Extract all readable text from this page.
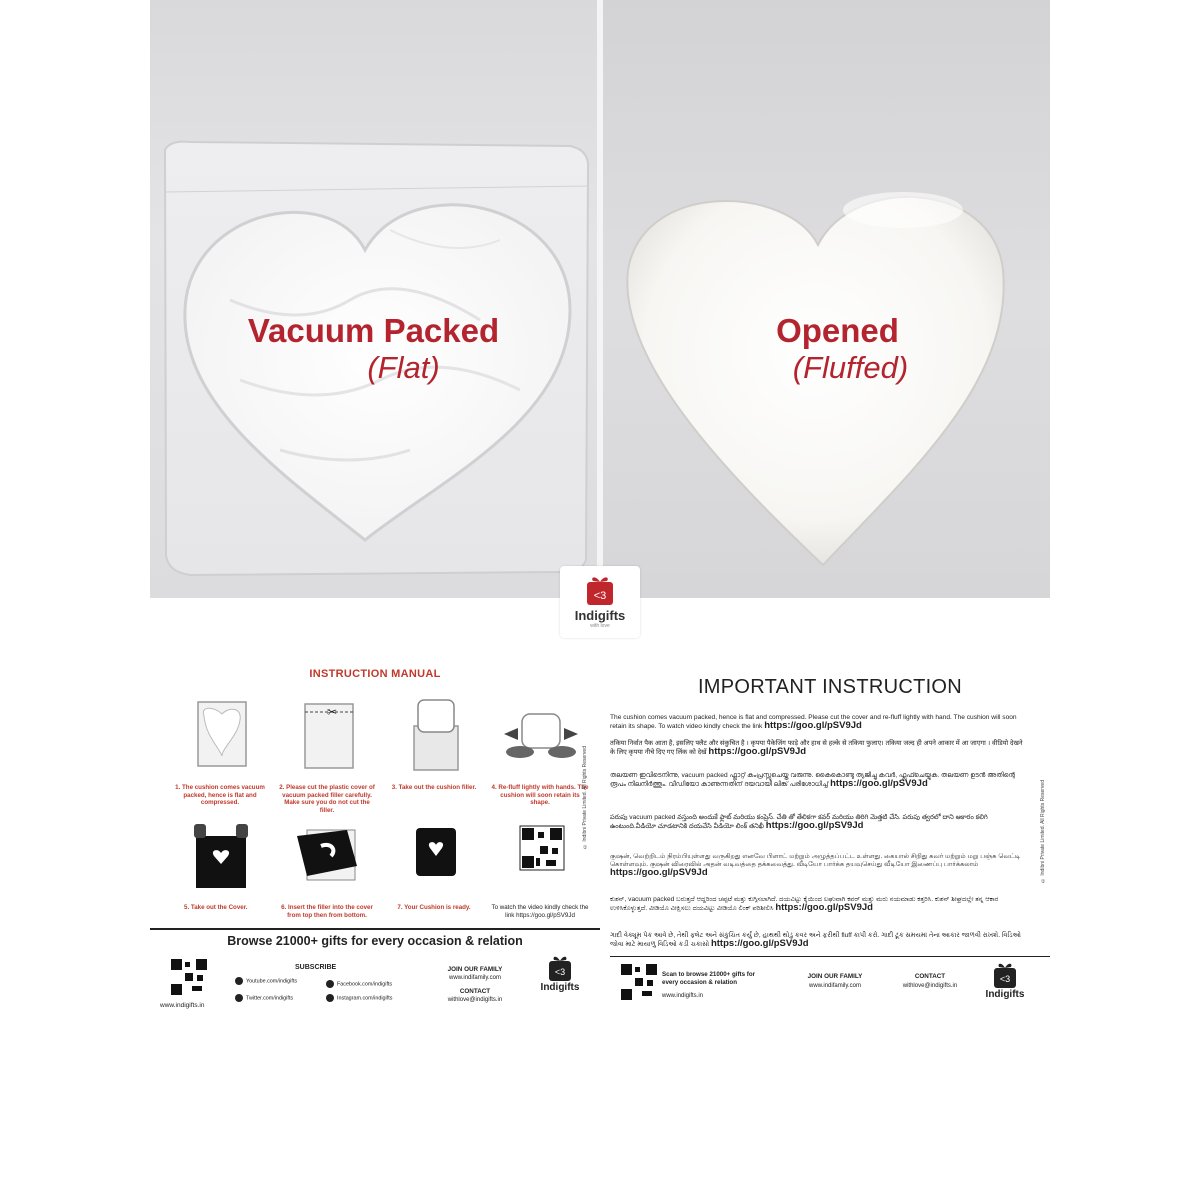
Vacuum Packed
(Flat)
Opened
(Fluffed)
<3
Indigifts
with love
INSTRUCTION MANUAL
1. The cushion comes vacuum packed, hence is flat and compressed.
✂
2. Please cut the plastic cover of vacuum packed filler carefully. Make sure you do not cut the filler.
3. Take out the cushion filler.	4. Re-fluff lightly with hands. The cushion will soon retain its shape.
5. Take out the Cover.	6. Insert the filler into the cover from top then from bottom.
7. Your Cushion is ready.	To watch the video kindly check the link https://goo.gl/pSV9Jd
© Indibni Private Limited. All Rights Reserved
Browse 21000+ gifts for every occasion & relation
www.indigifts.in
SUBSCRIBE
Youtube.com/indigifts	Facebook.com/indigifts
Twitter.com/indigifts	Instagram.com/indigifts
JOIN OUR FAMILY
www.indifamily.com
CONTACT
withlove@indigifts.in
<3
Indigifts
IMPORTANT INSTRUCTION
The cushion comes vacuum packed, hence is flat and compressed. Please cut the cover and re-fluff lightly with hand. The cushion will soon retain its shape. To watch video kindly check the link https://goo.gl/pSV9Jd
तकिया निर्वात पैक आता है, इसलिए फ्लैट और संकुचित है । कृपया पैकेजिंग फाड़े और हाथ से हल्के से तकिया फुलाए। तकिया जल्द ही अपने आकार में आ जाएगा । वीडियो देखने के लिए कृपया नीचे दिए गए लिंक को देखें https://goo.gl/pSV9Jd
തലയണ ഇവിടെനിന്നു, vacuum packed ഫ്ലാറ്റ് കംപ്രസ്സുചെയ്ത വരുന്നു. കൈകൊണ്ടു ത്യജിച്ചു കവർ, ഫ്ലഫ്ചെയ്യുക. തലയണ ഉടൻ അതിന്റെ രൂപം നിലനിർത്തും. വീഡിയോ കാണുന്നതിന് ദയവായി ലിങ്ക് പരിശോധിച്ച് https://goo.gl/pSV9Jd
పరుపు vacuum packed వస్తుంది అందుకే ఫ్లాట్ మరియు కంప్రెస్. చేతి తో తేలికగా కవర్ మరియు తిరిగి మెత్తటి చేసి. పరుపు త్వరలో దాని ఆకారం కలిగి ఉంటుంది.వీడియో చూడటానికి దయచేసి వీడియో లింక్ తనిఖీ https://goo.gl/pSV9Jd
குஷன், வெற்றிடம் நிரம்பியுள்ளது வருகிறது எனவே பிளாட் மற்றும் அழுத்தப்பட்ட உள்ளது. கையால் சிறிது கவர் மற்றும் மறு பஞ்சு வெட்டி கொள்ளவும். குஷன் விரைவில் அதன் வடிவத்தை தக்கவைத்து. வீடியோ பார்க்க தயவுசெய்து வீடியோ இணைப்பு பார்க்கலாம் https://goo.gl/pSV9Jd
ಕುಶನ್, vacuum packed ಬರುತ್ತದೆ ಆದ್ದರಿಂದ ಚಪ್ಪಟೆ ಮತ್ತು ಕುಗ್ಗಿಸಲಾಗಿದೆ. ದಯವಿಟ್ಟು ಕೈಯಿಂದ ಲಘುವಾಗಿ ಕವರ್ ಮತ್ತು ಮರು ನಯಮಾಡು ಕತ್ತರಿಸಿ. ಕುಶನ್ ಶೀಘ್ರದಲ್ಲೇ ತನ್ನ ಆಕಾರ ಉಳಿಸಿಕೊಳ್ಳುತ್ತದೆ. ವೀಡಿಯೊ ವೀಕ್ಷಿಸಲು ದಯವಿಟ್ಟು ವೀಡಿಯೊ ಲಿಂಕ್ ಪರಿಶೀಲಿಸಿ https://goo.gl/pSV9Jd
ગાદી વેક્યૂમ પેક આવે છે, તેથી ફ્લેટ અને સંકુચિત કર્યું છે, હાથથી થોડું કવર અને ફરીથી fluff કાપી કરો. ગાદી ટૂંક સમયમાં તેના આકાર જાળવી રાખશે. વિડિઓ જોવા માટે માયાળુ વિડિઓ કડી ચકાસો https://goo.gl/pSV9Jd
© Indibni Private Limited. All Rights Reserved
Scan to browse 21000+ gifts for every occasion & relation
www.indigifts.in
JOIN OUR FAMILY
www.indifamily.com
CONTACT
withlove@indigifts.in
<3
Indigifts
